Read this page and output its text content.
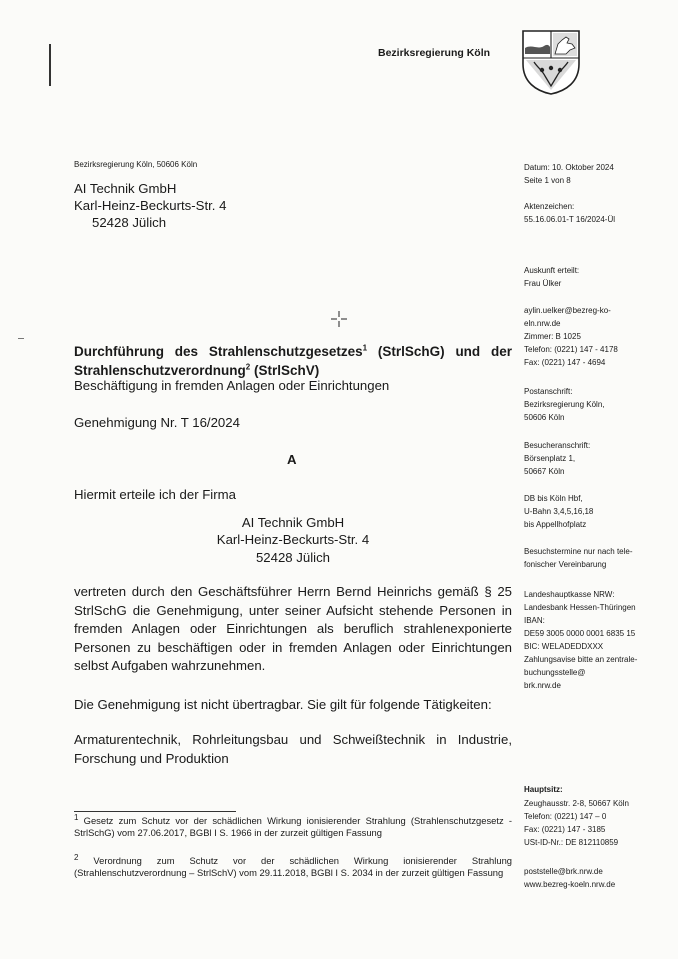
Bezirksregierung Köln
Bezirksregierung Köln, 50606 Köln
AI Technik GmbH
Karl-Heinz-Beckurts-Str. 4
52428 Jülich
Datum: 10. Oktober 2024
Seite 1 von 8
Aktenzeichen:
55.16.06.01-T 16/2024-Ül
Auskunft erteilt:
Frau Ülker
aylin.uelker@bezreg-ko-
eln.nrw.de
Zimmer: B 1025
Telefon: (0221) 147 - 4178
Fax: (0221) 147 - 4694
Postanschrift:
Bezirksregierung Köln,
50606 Köln
Besucheranschrift:
Börsenplatz 1,
50667 Köln
DB bis Köln Hbf,
U-Bahn 3,4,5,16,18
bis Appellhofplatz
Besuchstermine nur nach tele-
fonischer Vereinbarung
Landeshauptkasse NRW:
Landesbank Hessen-Thüringen
IBAN:
DE59 3005 0000 0001 6835 15
BIC: WELADEDDXXX
Zahlungsavise bitte an zentrale-
buchungsstelle@
brk.nrw.de
Hauptsitz:
Zeughausstr. 2-8, 50667 Köln
Telefon: (0221) 147 – 0
Fax: (0221) 147 - 3185
USt-ID-Nr.: DE 812110859
poststelle@brk.nrw.de
www.bezreg-koeln.nrw.de
Durchführung des Strahlenschutzgesetzes$^1$ (StrlSchG) und der Strahlenschutzverordnung$^2$ (StrlSchV)
Beschäftigung in fremden Anlagen oder Einrichtungen
Genehmigung Nr. T 16/2024
A
Hiermit erteile ich der Firma
AI Technik GmbH
Karl-Heinz-Beckurts-Str. 4
52428 Jülich
vertreten durch den Geschäftsführer Herrn Bernd Heinrichs gemäß § 25 StrlSchG die Genehmigung, unter seiner Aufsicht stehende Personen in fremden Anlagen oder Einrichtungen als beruflich strahlenexponierte Personen zu beschäftigen oder in fremden Anlagen oder Einrichtungen selbst Aufgaben wahrzunehmen.
Die Genehmigung ist nicht übertragbar. Sie gilt für folgende Tätigkeiten:
Armaturentechnik, Rohrleitungsbau und Schweißtechnik in Industrie, Forschung und Produktion
$^1$ Gesetz zum Schutz vor der schädlichen Wirkung ionisierender Strahlung (Strahlenschutzgesetz - StrlSchG) vom 27.06.2017, BGBl I S. 1966 in der zurzeit gültigen Fassung
$^2$ Verordnung zum Schutz vor der schädlichen Wirkung ionisierender Strahlung (Strahlenschutzverordnung – StrlSchV) vom 29.11.2018, BGBl I S. 2034 in der zurzeit gültigen Fassung
